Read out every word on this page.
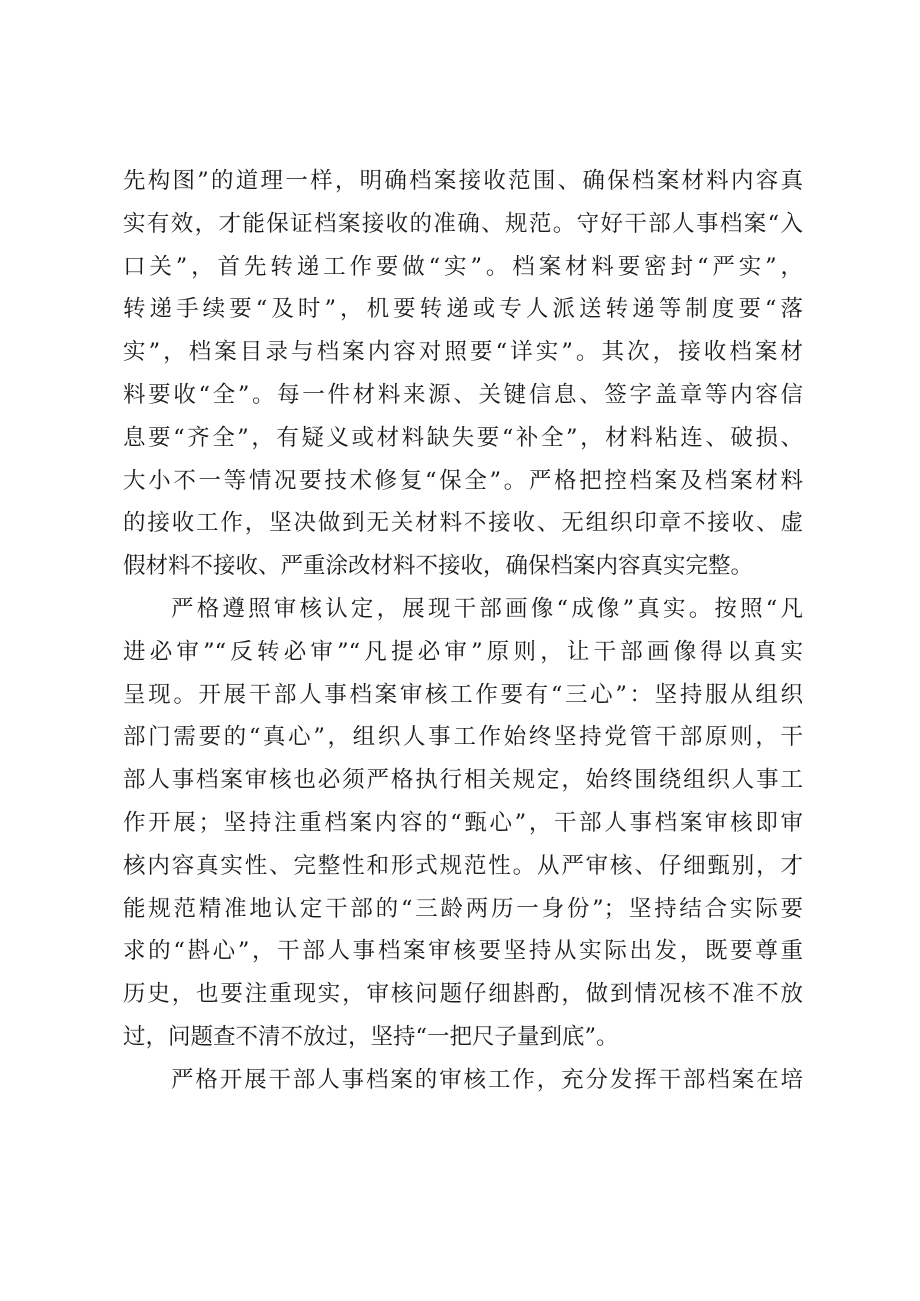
先构图”的道理一样，明确档案接收范围、确保档案材料内容真
实有效，才能保证档案接收的准确、规范。守好干部人事档案“入
口关”，首先转递工作要做“实”。档案材料要密封“严实”，
转递手续要“及时”，机要转递或专人派送转递等制度要“落
实”，档案目录与档案内容对照要“详实”。其次，接收档案材
料要收“全”。每一件材料来源、关键信息、签字盖章等内容信
息要“齐全”，有疑义或材料缺失要“补全”，材料粘连、破损、
大小不一等情况要技术修复“保全”。严格把控档案及档案材料
的接收工作，坚决做到无关材料不接收、无组织印章不接收、虚
假材料不接收、严重涂改材料不接收，确保档案内容真实完整。
严格遵照审核认定，展现干部画像“成像”真实。按照“凡
进必审”“反转必审”“凡提必审”原则，让干部画像得以真实
呈现。开展干部人事档案审核工作要有“三心”：坚持服从组织
部门需要的“真心”，组织人事工作始终坚持党管干部原则，干
部人事档案审核也必须严格执行相关规定，始终围绕组织人事工
作开展；坚持注重档案内容的“甄心”，干部人事档案审核即审
核内容真实性、完整性和形式规范性。从严审核、仔细甄别，才
能规范精准地认定干部的“三龄两历一身份”；坚持结合实际要
求的“斟心”，干部人事档案审核要坚持从实际出发，既要尊重
历史，也要注重现实，审核问题仔细斟酌，做到情况核不准不放
过，问题查不清不放过，坚持“一把尺子量到底”。
严格开展干部人事档案的审核工作，充分发挥干部档案在培
